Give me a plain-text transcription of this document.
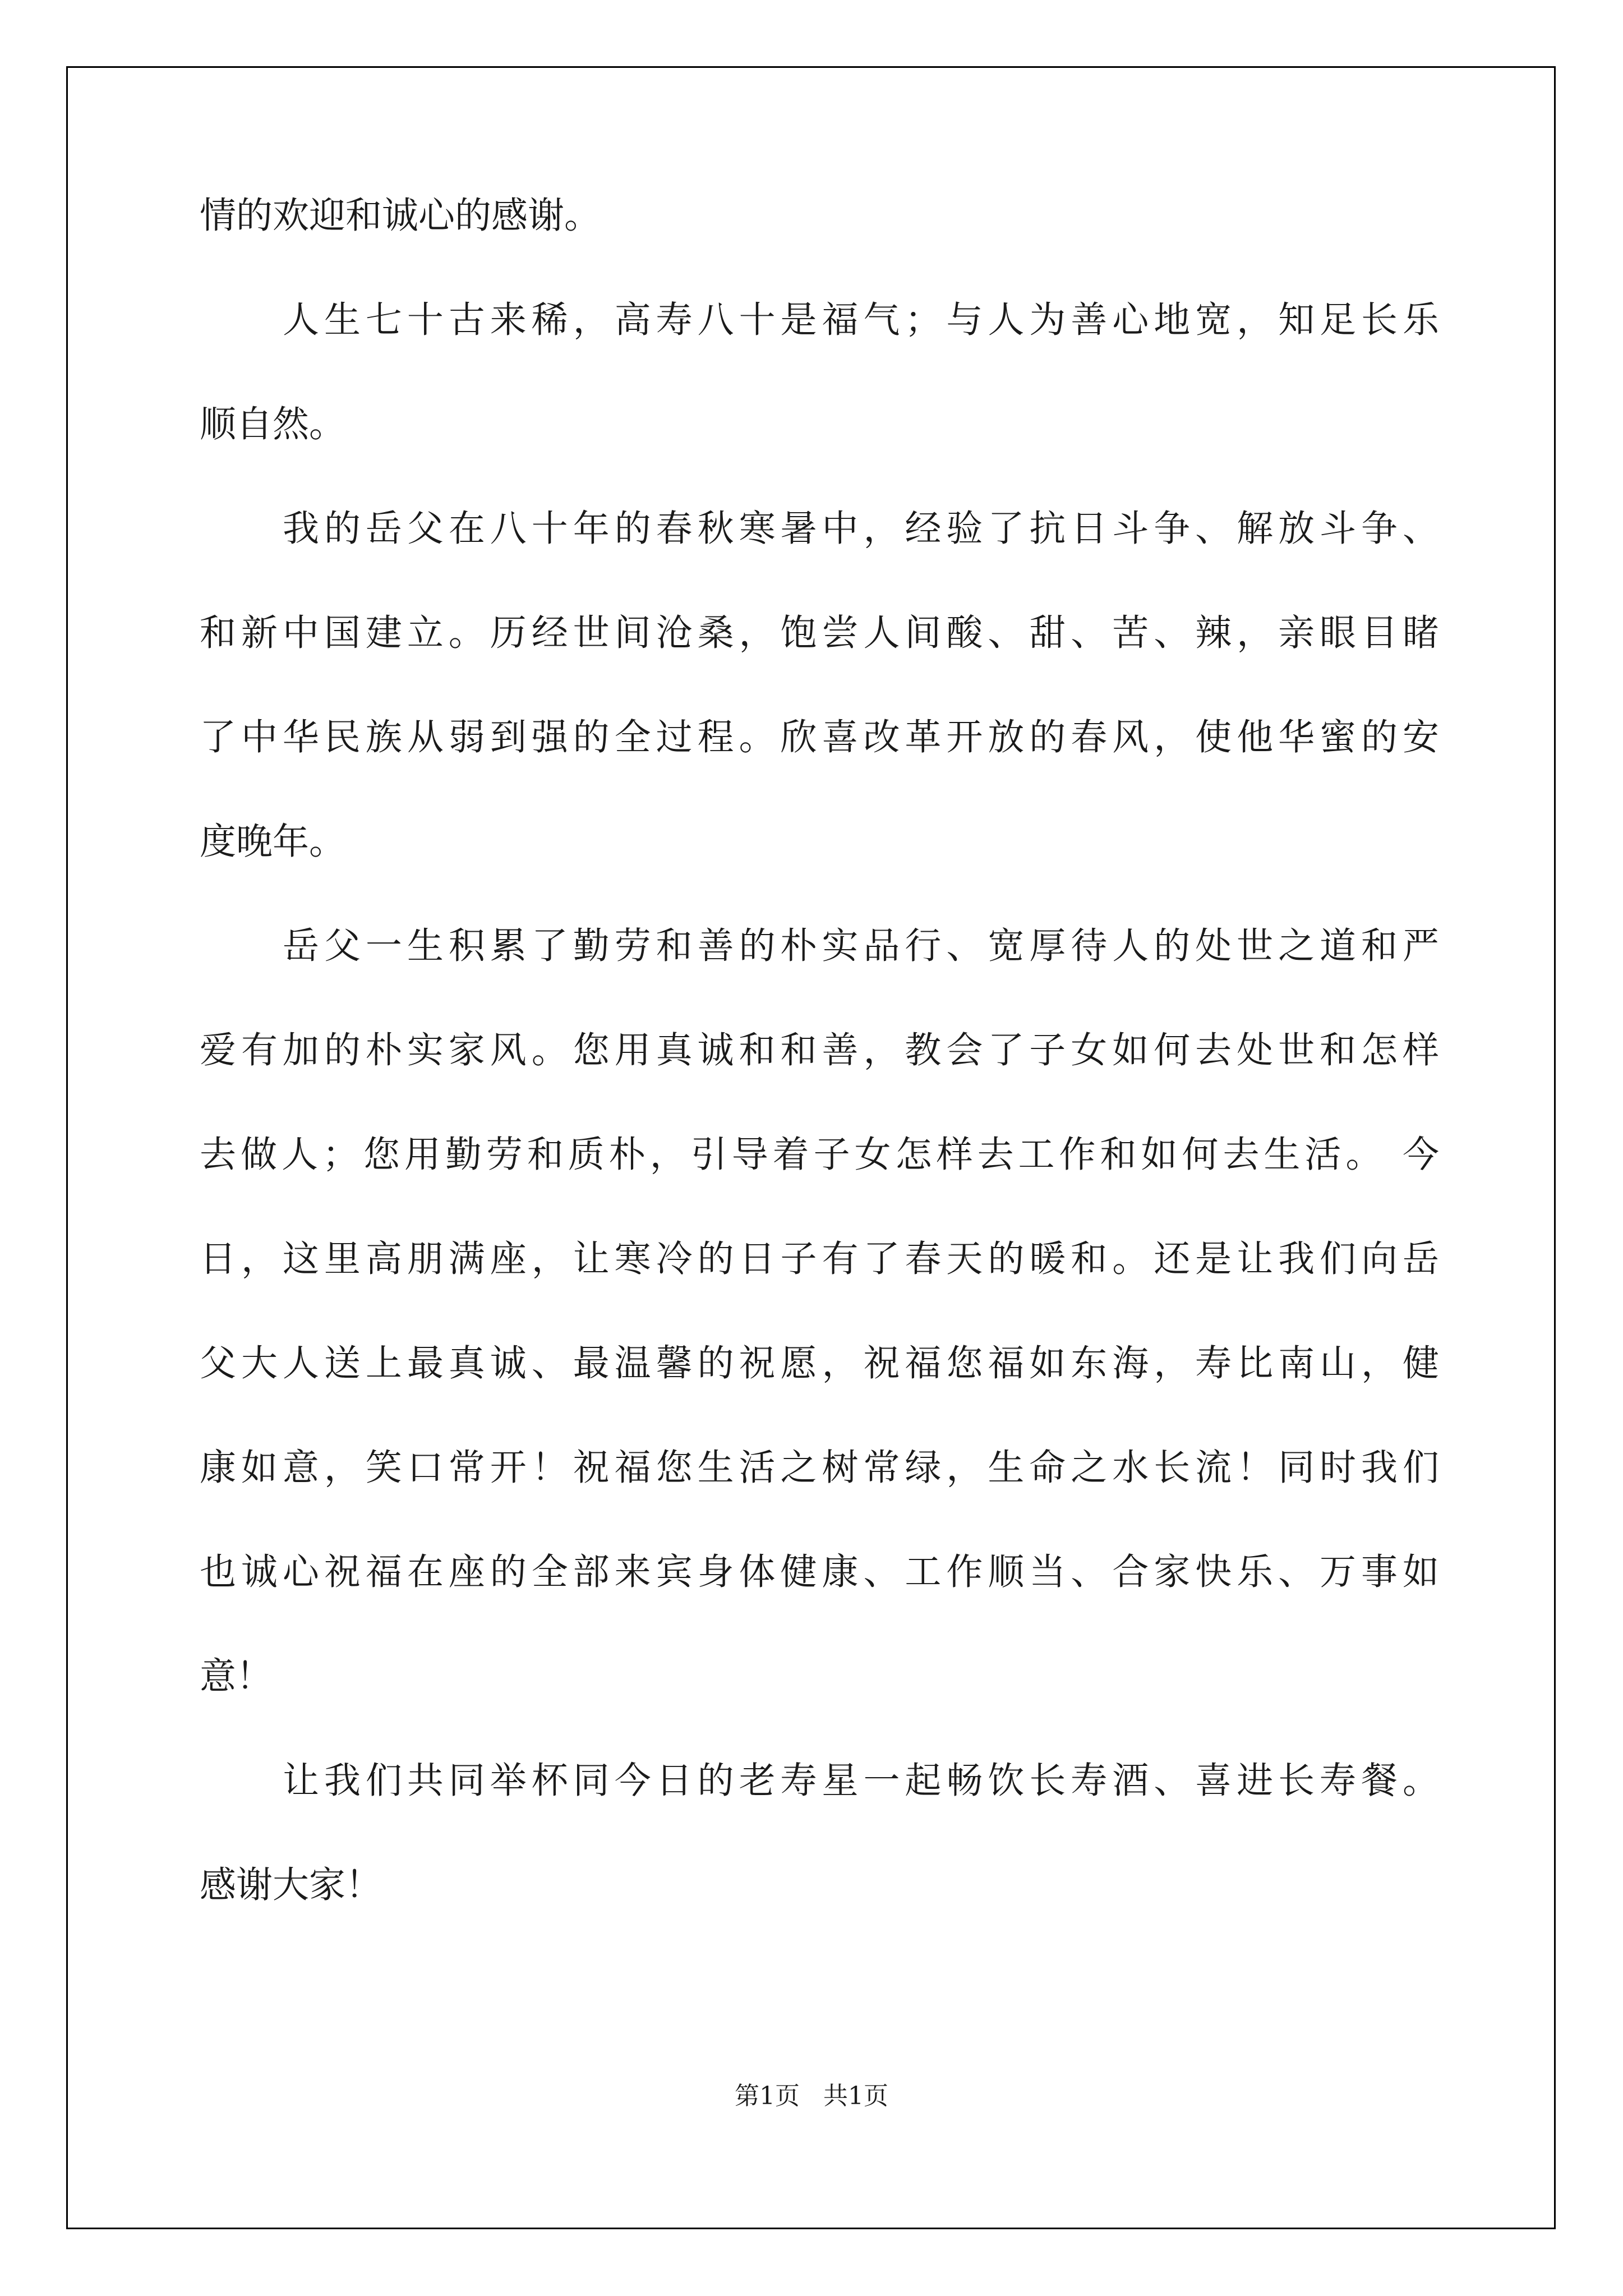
情的欢迎和诚心的感谢。
人生七十古来稀，高寿八十是福气；与人为善心地宽，知足长乐
顺自然。
我的岳父在八十年的春秋寒暑中，经验了抗日斗争、解放斗争、
和新中国建立。历经世间沧桑，饱尝人间酸、甜、苦、辣，亲眼目睹
了中华民族从弱到强的全过程。欣喜改革开放的春风，使他华蜜的安
度晚年。
岳父一生积累了勤劳和善的朴实品行、宽厚待人的处世之道和严
爱有加的朴实家风。您用真诚和和善，教会了子女如何去处世和怎样
去做人；您用勤劳和质朴，引导着子女怎样去工作和如何去生活。 今
日，这里高朋满座，让寒冷的日子有了春天的暖和。还是让我们向岳
父大人送上最真诚、最温馨的祝愿，祝福您福如东海，寿比南山，健
康如意，笑口常开！祝福您生活之树常绿，生命之水长流！同时我们
也诚心祝福在座的全部来宾身体健康、工作顺当、合家快乐、万事如
意！
让我们共同举杯同今日的老寿星一起畅饮长寿酒、喜进长寿餐。
感谢大家！
第1页   共1页
